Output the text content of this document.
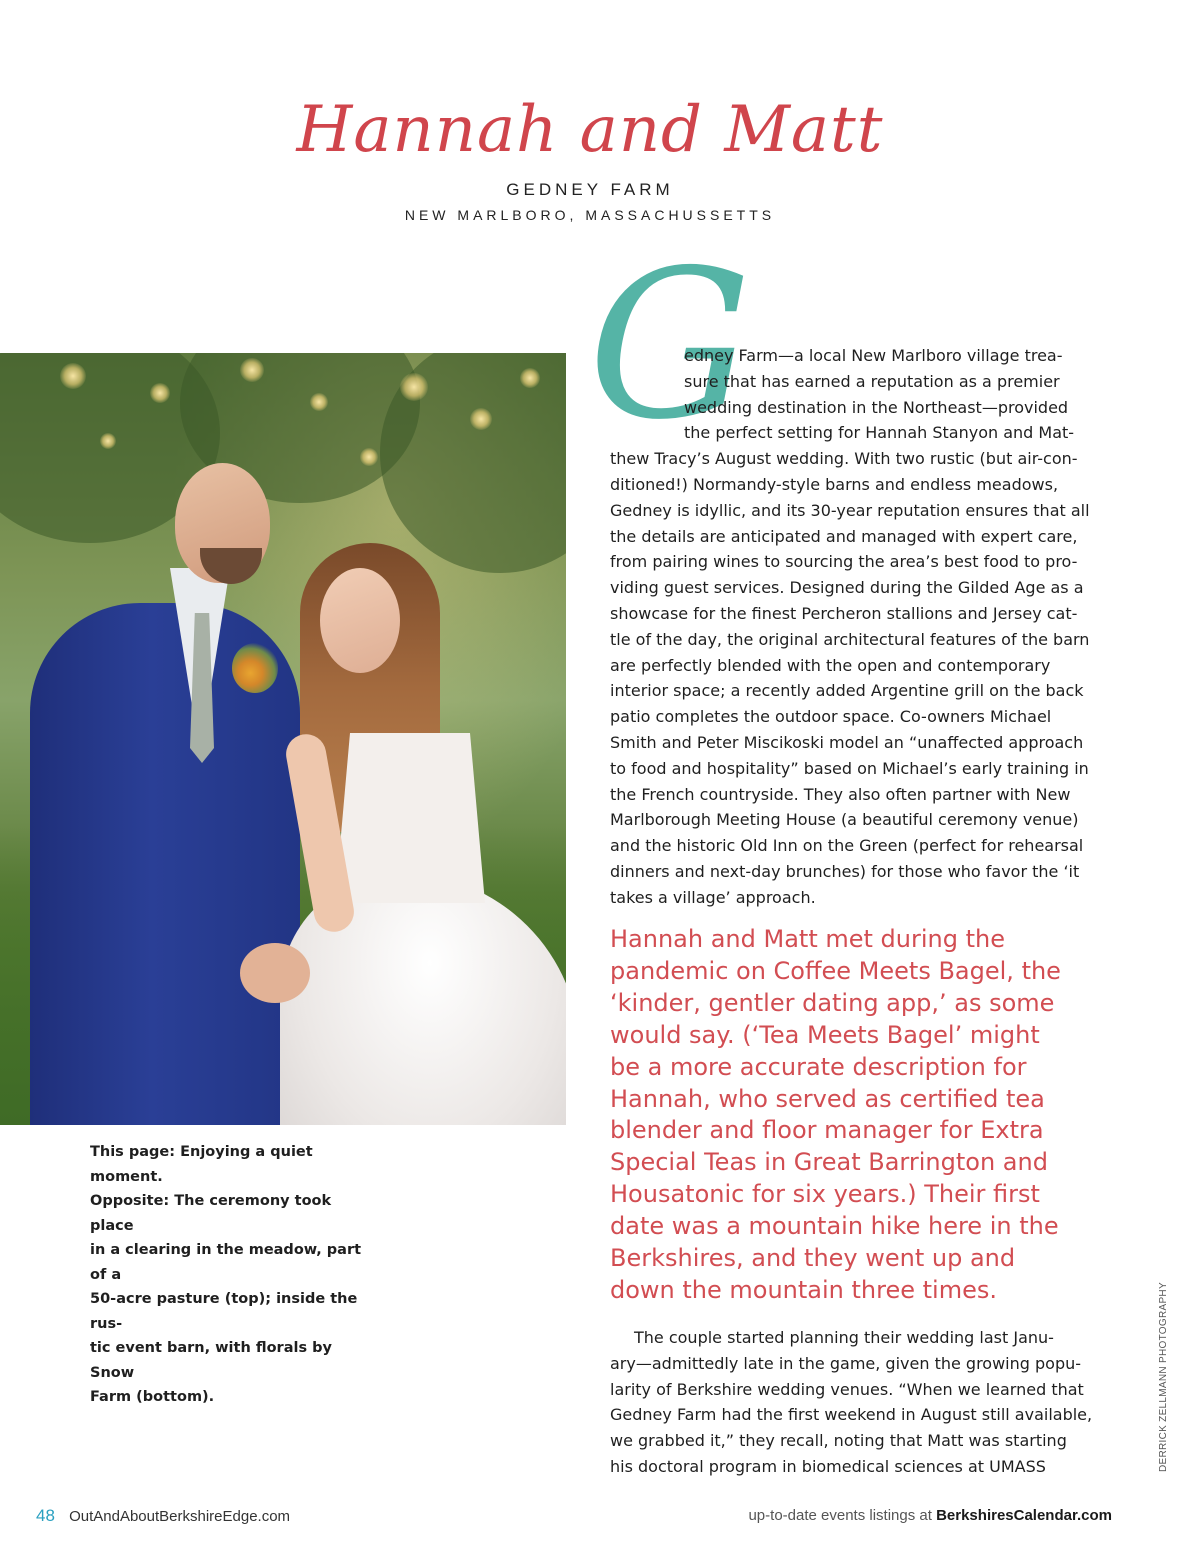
Hannah and Matt
GEDNEY FARM
NEW MARLBORO, MASSACHUSSETTS
This page: Enjoying a quiet moment.
Opposite: The ceremony took place
in a clearing in the meadow, part of a
50-acre pasture (top); inside the rus-
tic event barn, with florals by Snow
Farm (bottom).
G
edney Farm—a local New Marlboro village trea-
sure that has earned a reputation as a premier
wedding destination in the Northeast—provided
the perfect setting for Hannah Stanyon and Mat-
thew Tracy’s August wedding. With two rustic (but air-con-
ditioned!) Normandy-style barns and endless meadows,
Gedney is idyllic, and its 30-year reputation ensures that all
the details are anticipated and managed with expert care,
from pairing wines to sourcing the area’s best food to pro-
viding guest services. Designed during the Gilded Age as a
showcase for the finest Percheron stallions and Jersey cat-
tle of the day, the original architectural features of the barn
are perfectly blended with the open and contemporary
interior space; a recently added Argentine grill on the back
patio completes the outdoor space. Co-owners Michael
Smith and Peter Miscikoski model an “unaffected approach
to food and hospitality” based on Michael’s early training in
the French countryside. They also often partner with New
Marlborough Meeting House (a beautiful ceremony venue)
and the historic Old Inn on the Green (perfect for rehearsal
dinners and next-day brunches) for those who favor the ‘it
takes a village’ approach.
Hannah and Matt met during the
pandemic on Coffee Meets Bagel, the
‘kinder, gentler dating app,’ as some
would say. (‘Tea Meets Bagel’ might
be a more accurate description for
Hannah, who served as certified tea
blender and floor manager for Extra
Special Teas in Great Barrington and
Housatonic for six years.) Their first
date was a mountain hike here in the
Berkshires, and they went up and
down the mountain three times.
The couple started planning their wedding last Janu-
ary—admittedly late in the game, given the growing popu-
larity of Berkshire wedding venues. “When we learned that
Gedney Farm had the first weekend in August still available,
we grabbed it,” they recall, noting that Matt was starting
his doctoral program in biomedical sciences at UMASS	DERRICK ZELLMANN PHOTOGRAPHY
48 OutAndAboutBerkshireEdge.com	up-to-date events listings at BerkshiresCalendar.com
